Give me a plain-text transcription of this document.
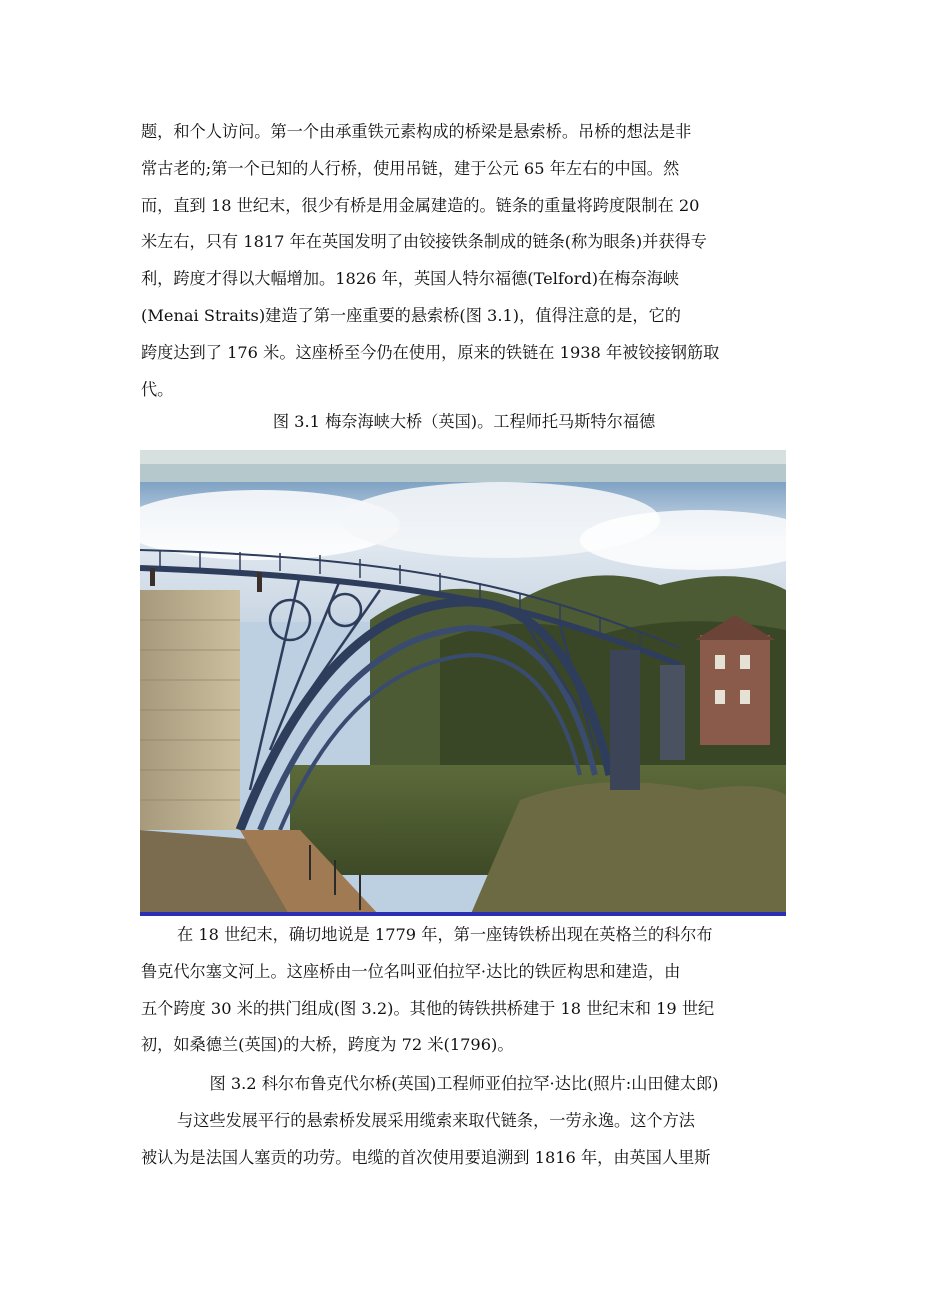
题，和个人访问。第一个由承重铁元素构成的桥梁是悬索桥。吊桥的想法是非
常古老的;第一个已知的人行桥，使用吊链，建于公元 65 年左右的中国。然
而，直到 18 世纪末，很少有桥是用金属建造的。链条的重量将跨度限制在 20
米左右，只有 1817 年在英国发明了由铰接铁条制成的链条(称为眼条)并获得专
利，跨度才得以大幅增加。1826 年，英国人特尔福德(Telford)在梅奈海峡
(Menai Straits)建造了第一座重要的悬索桥(图 3.1)，值得注意的是，它的
跨度达到了 176 米。这座桥至今仍在使用，原来的铁链在 1938 年被铰接钢筋取
代。
图 3.1 梅奈海峡大桥（英国)。工程师托马斯特尔福德
在 18 世纪末，确切地说是 1779 年，第一座铸铁桥出现在英格兰的科尔布
鲁克代尔塞文河上。这座桥由一位名叫亚伯拉罕·达比的铁匠构思和建造，由
五个跨度 30 米的拱门组成(图 3.2)。其他的铸铁拱桥建于 18 世纪末和 19 世纪
初，如桑德兰(英国)的大桥，跨度为 72 米(1796)。
图 3.2 科尔布鲁克代尔桥(英国)工程师亚伯拉罕·达比(照片:山田健太郎)
与这些发展平行的悬索桥发展采用缆索来取代链条，一劳永逸。这个方法
被认为是法国人塞贡的功劳。电缆的首次使用要追溯到 1816 年，由英国人里斯
